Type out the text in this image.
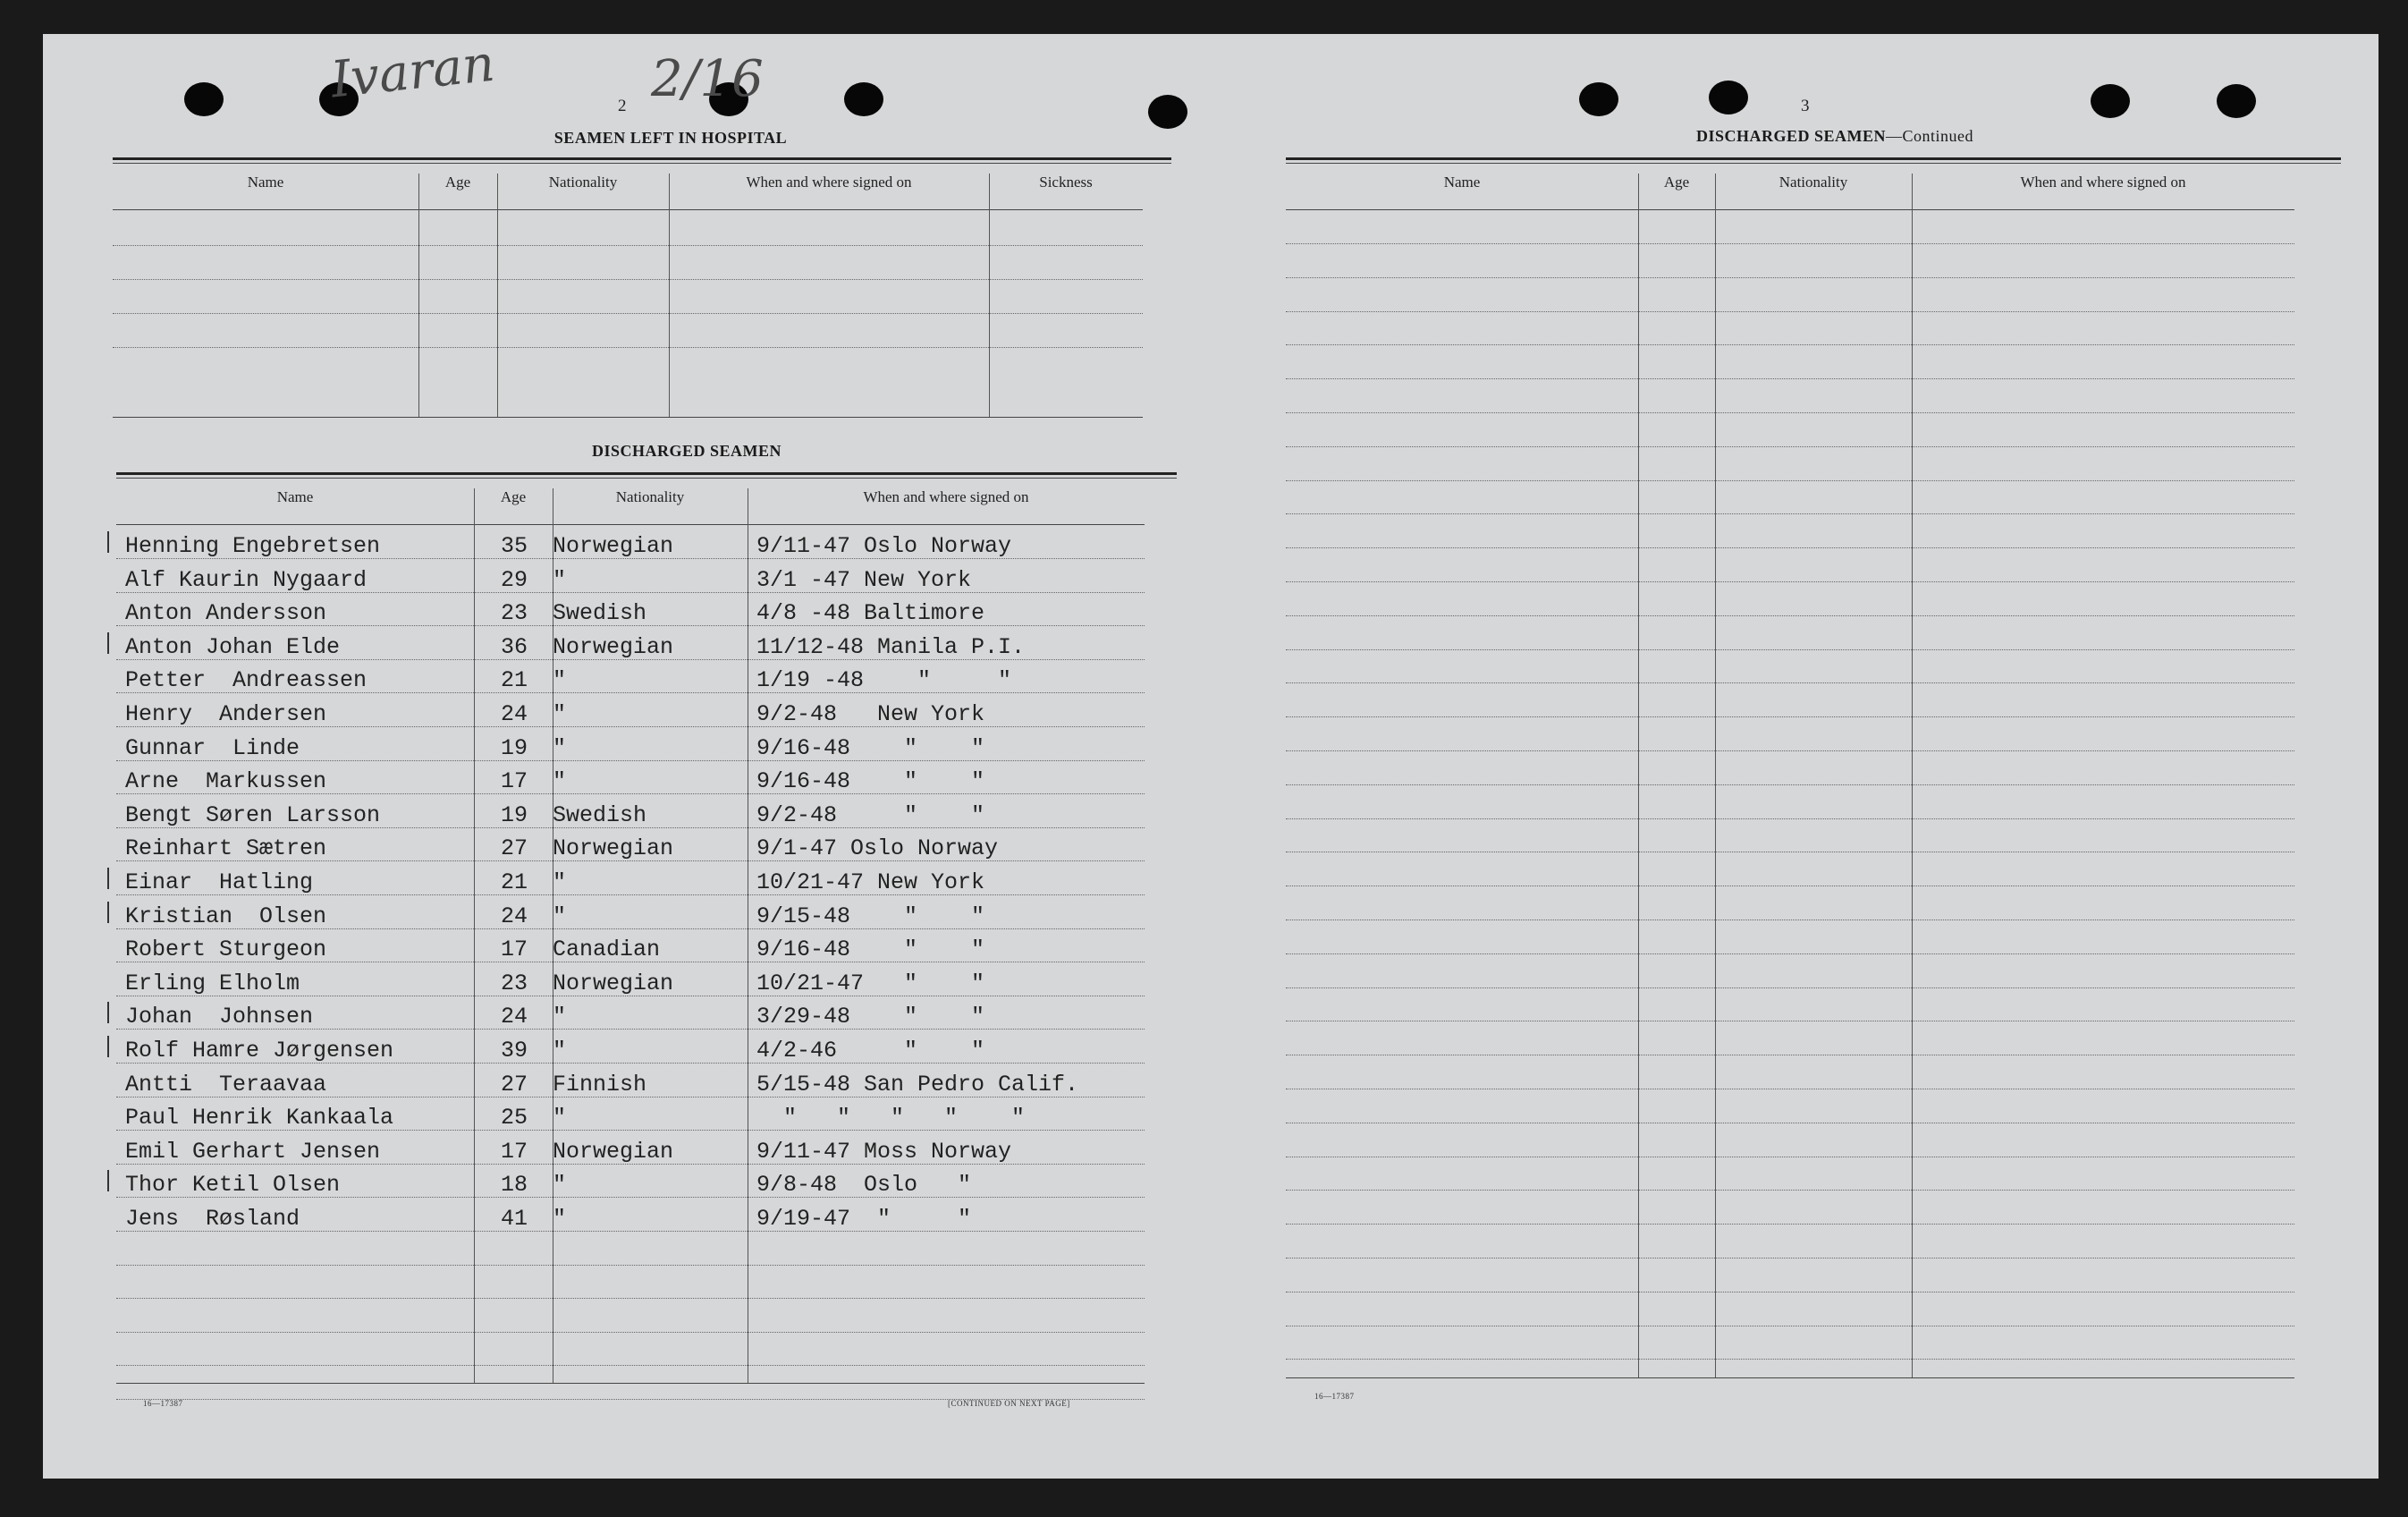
Ivaran	2/16
2
SEAMEN LEFT IN HOSPITAL
Name	Age	Nationality	When and where signed on	Sickness
DISCHARGED SEAMEN
Name	Age	Nationality	When and where signed on
Henning Engebretsen	35 Norwegian	9/11-47 Oslo Norway
Alf Kaurin Nygaard	29 "	3/1 -47 New York
Anton Andersson	23 Swedish	4/8 -48 Baltimore
Anton Johan Elde	36 Norwegian	11/12-48 Manila P.I.
Petter  Andreassen	21 "	1/19 -48    "     "
Henry  Andersen	24 "	9/2-48   New York
Gunnar  Linde	19 "	9/16-48    "    "
Arne  Markussen	17 "	9/16-48    "    "
Bengt Søren Larsson	19 Swedish	9/2-48     "    "
Reinhart Sætren	27 Norwegian	9/1-47 Oslo Norway
Einar  Hatling	21 "	10/21-47 New York
Kristian  Olsen	24 "	9/15-48    "    "
Robert Sturgeon	17 Canadian	9/16-48    "    "
Erling Elholm	23 Norwegian	10/21-47   "    "
Johan  Johnsen	24 "	3/29-48    "    "
Rolf Hamre Jørgensen	39 "	4/2-46     "    "
Antti  Teraavaa	27 Finnish	5/15-48 San Pedro Calif.
Paul Henrik Kankaala	25 "	"   "   "   "    "
Emil Gerhart Jensen	17 Norwegian	9/11-47 Moss Norway
Thor Ketil Olsen	18 "	9/8-48  Oslo   "
Jens  Røsland	41 "	9/19-47  "     "
16—17387	[CONTINUED ON NEXT PAGE]
3
DISCHARGED SEAMEN—Continued
Name	Age	Nationality	When and where signed on
16—17387
